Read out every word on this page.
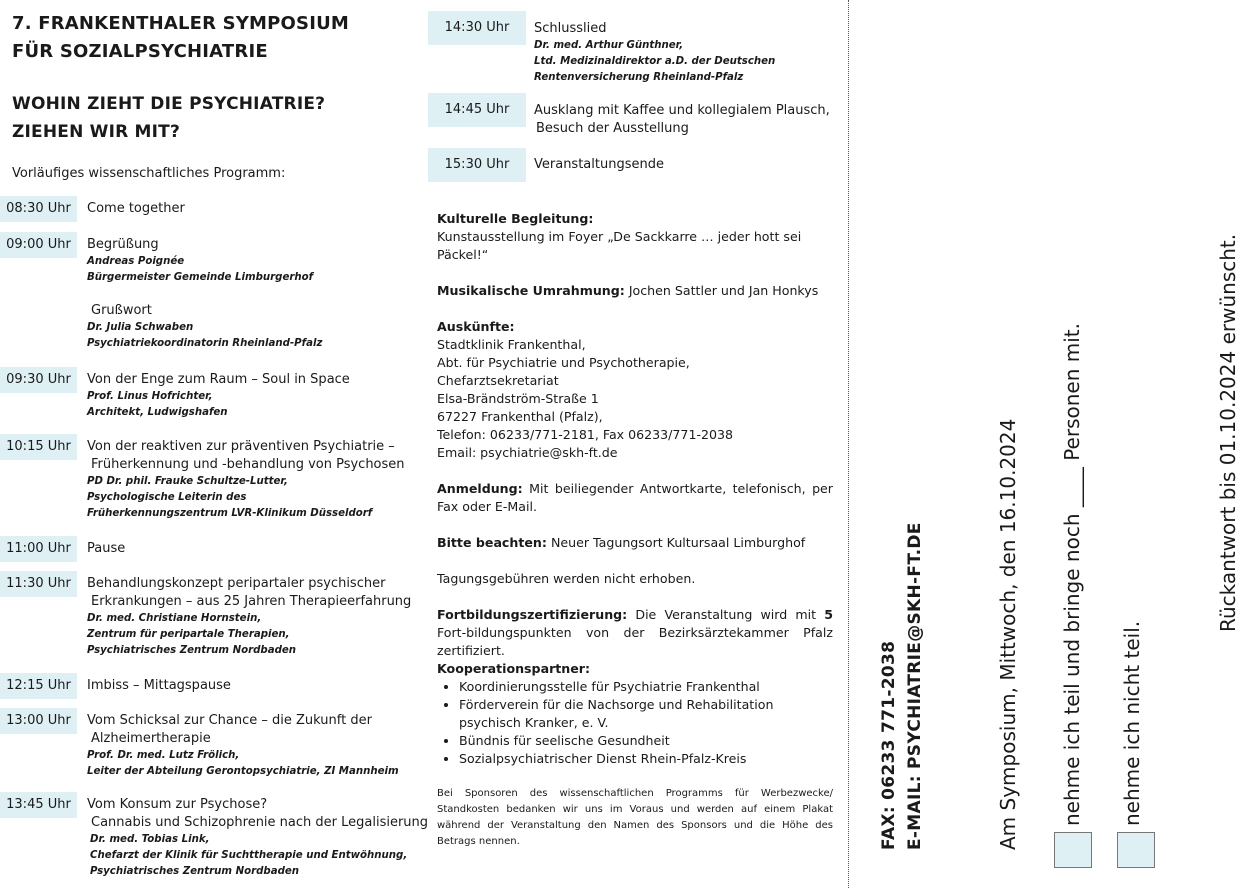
7. FRANKENTHALER SYMPOSIUM
FÜR SOZIALPSYCHIATRIE
WOHIN ZIEHT DIE PSYCHIATRIE?
ZIEHEN WIR MIT?
Vorläufiges wissenschaftliches Programm:
08:30 Uhr	Come together
09:00 Uhr	Begrüßung
Andreas Poignée
Bürgermeister Gemeinde Limburgerhof
Grußwort
Dr. Julia Schwaben
Psychiatriekoordinatorin Rheinland-Pfalz
09:30 Uhr	Von der Enge zum Raum – Soul in Space
Prof. Linus Hofrichter,
Architekt, Ludwigshafen
10:15 Uhr	Von der reaktiven zur präventiven Psychiatrie –
Früherkennung und -behandlung von Psychosen
PD Dr. phil. Frauke Schultze-Lutter,
Psychologische Leiterin des
Früherkennungszentrum LVR-Klinikum Düsseldorf
11:00 Uhr	Pause
11:30 Uhr	Behandlungskonzept peripartaler psychischer
Erkrankungen – aus 25 Jahren Therapieerfahrung
Dr. med. Christiane Hornstein,
Zentrum für peripartale Therapien,
Psychiatrisches Zentrum Nordbaden
12:15 Uhr	Imbiss – Mittagspause
13:00 Uhr	Vom Schicksal zur Chance – die Zukunft der
Alzheimertherapie
Prof. Dr. med. Lutz Frölich,
Leiter der Abteilung Gerontopsychiatrie, ZI Mannheim
13:45 Uhr	Vom Konsum zur Psychose?
Cannabis und Schizophrenie nach der Legalisierung
Dr. med. Tobias Link,
Chefarzt der Klinik für Suchttherapie und Entwöhnung,
Psychiatrisches Zentrum Nordbaden
14:30 Uhr	Schlusslied
Dr. med. Arthur Günthner,
Ltd. Medizinaldirektor a.D. der Deutschen
Rentenversicherung Rheinland-Pfalz
14:45 Uhr	Ausklang mit Kaffee und kollegialem Plausch,
Besuch der Ausstellung
15:30 Uhr	Veranstaltungsende
Kulturelle Begleitung:
Kunstausstellung im Foyer „De Sackkarre … jeder hott sei Päckel!“
Musikalische Umrahmung: Jochen Sattler und Jan Honkys
Auskünfte:
Stadtklinik Frankenthal,
Abt. für Psychiatrie und Psychotherapie,
Chefarztsekretariat
Elsa-Brändström-Straße 1
67227 Frankenthal (Pfalz),
Telefon: 06233/771-2181, Fax 06233/771-2038
Email: psychiatrie@skh-ft.de
Anmeldung: Mit beiliegender Antwortkarte, telefonisch, per Fax oder E-Mail.
Bitte beachten: Neuer Tagungsort Kultursaal Limburghof
Tagungsgebühren werden nicht erhoben.
Fortbildungszertifizierung: Die Veranstaltung wird mit 5 Fort-bildungspunkten von der Bezirksärztekammer Pfalz zertifiziert.
Kooperationspartner:
• Koordinierungsstelle für Psychiatrie Frankenthal
• Förderverein für die Nachsorge und Rehabilitation psychisch Kranker, e. V.
• Bündnis für seelische Gesundheit
• Sozialpsychiatrischer Dienst Rhein-Pfalz-Kreis
Bei Sponsoren des wissenschaftlichen Programms für Werbezwecke/ Standkosten bedanken wir uns im Voraus und werden auf einem Plakat während der Veranstaltung den Namen des Sponsors und die Höhe des Betrags nennen.	FAX: 06233 771-2038 E-MAIL: PSYCHIATRIE@SKH-FT.DE	Am Symposium, Mittwoch, den 16.10.2024 nehme ich teil und bringe noch ____ Personen mit. nehme ich nicht teil.
Rückantwort bis 01.10.2024 erwünscht.
